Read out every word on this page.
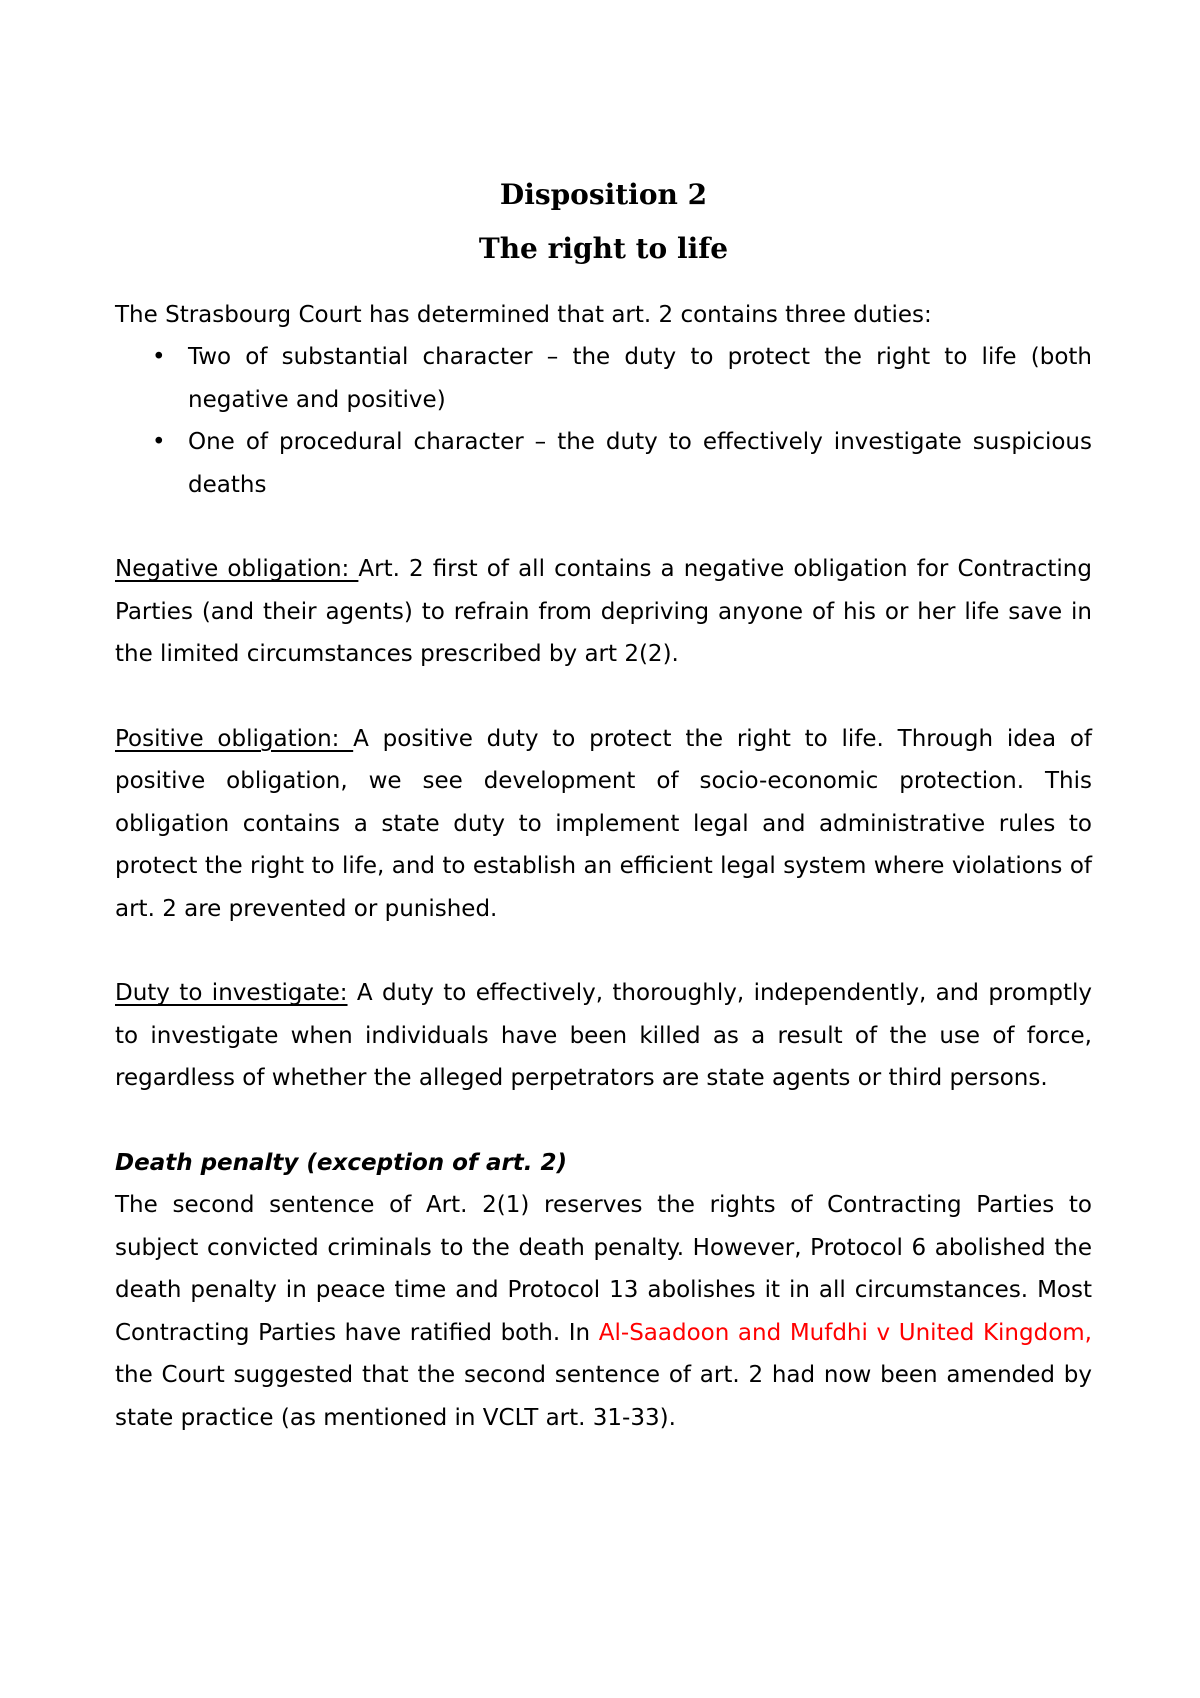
Disposition 2
The right to life

The Strasbourg Court has determined that art. 2 contains three duties:

• Two of substantial character – the duty to protect the right to life (both negative and positive)
• One of procedural character – the duty to effectively investigate suspicious deaths

Negative obligation: Art. 2 first of all contains a negative obligation for Contracting Parties (and their agents) to refrain from depriving anyone of his or her life save in the limited circumstances prescribed by art 2(2).

Positive obligation: A positive duty to protect the right to life. Through idea of positive obligation, we see development of socio-economic protection. This obligation contains a state duty to implement legal and administrative rules to protect the right to life, and to establish an efficient legal system where violations of art. 2 are prevented or punished.

Duty to investigate: A duty to effectively, thoroughly, independently, and promptly to investigate when individuals have been killed as a result of the use of force, regardless of whether the alleged perpetrators are state agents or third persons.

Death penalty (exception of art. 2)

The second sentence of Art. 2(1) reserves the rights of Contracting Parties to subject convicted criminals to the death penalty. However, Protocol 6 abolished the death penalty in peace time and Protocol 13 abolishes it in all circumstances. Most Contracting Parties have ratified both. In Al-Saadoon and Mufdhi v United Kingdom, the Court suggested that the second sentence of art. 2 had now been amended by state practice (as mentioned in VCLT art. 31-33).
